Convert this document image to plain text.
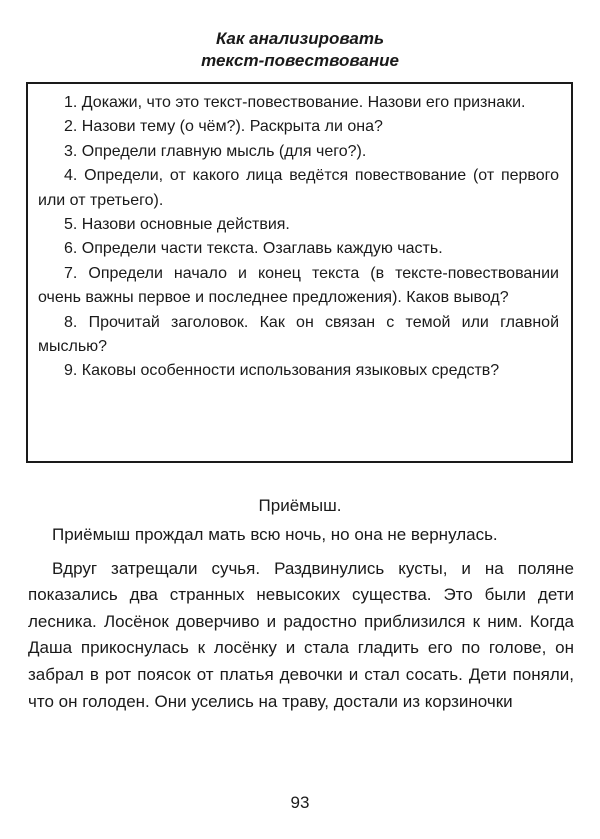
Как анализировать
текст-повествование

1. Докажи, что это текст-повествование. Назови его признаки.

2. Назови тему (о чём?). Раскрыта ли она?

3. Определи главную мысль (для чего?).

4. Определи, от какого лица ведётся повествование (от первого или от третьего).

5. Назови основные действия.

6. Определи части текста. Озаглавь каждую часть.

7. Определи начало и конец текста (в тексте-повествовании очень важны первое и последнее предложения). Каков вывод?

8. Прочитай заголовок. Как он связан с темой или главной мыслью?

9. Каковы особенности использования языковых средств?

Приёмыш.

Приёмыш прождал мать всю ночь, но она не вернулась.

Вдруг затрещали сучья. Раздвинулись кусты, и на поляне показались два странных невысоких существа. Это были дети лесника. Лосёнок доверчиво и радостно приблизился к ним. Когда Даша прикоснулась к лосёнку и стала гладить его по голове, он забрал в рот поясок от платья девочки и стал сосать. Дети поняли, что он голоден. Они уселись на траву, достали из корзиночки

93
